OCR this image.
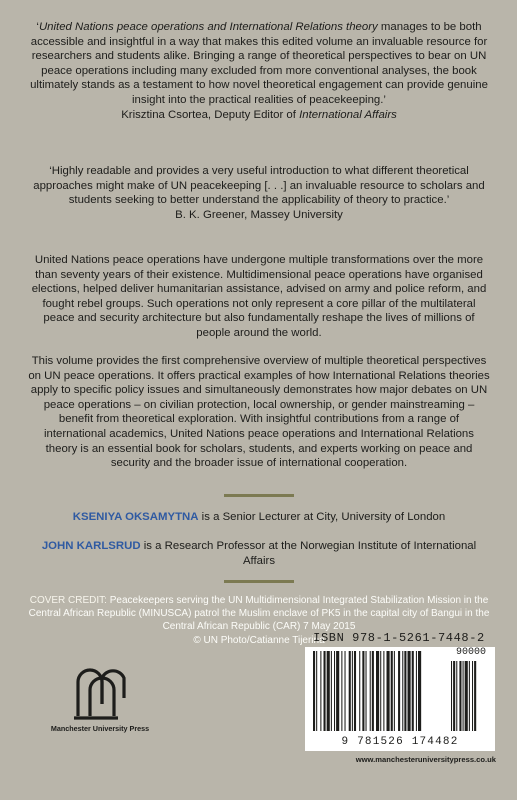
‘United Nations peace operations and International Relations theory manages to be both accessible and insightful in a way that makes this edited volume an invaluable resource for researchers and students alike. Bringing a range of theoretical perspectives to bear on UN peace operations including many excluded from more conventional analyses, the book ultimately stands as a testament to how novel theoretical engagement can provide genuine insight into the practical realities of peacekeeping.’
Krisztina Csortea, Deputy Editor of International Affairs
‘Highly readable and provides a very useful introduction to what different theoretical approaches might make of UN peacekeeping [. . .] an invaluable resource to scholars and students seeking to better understand the applicability of theory to practice.’
B. K. Greener, Massey University
United Nations peace operations have undergone multiple transformations over the more than seventy years of their existence. Multidimensional peace operations have organised elections, helped deliver humanitarian assistance, advised on army and police reform, and fought rebel groups. Such operations not only represent a core pillar of the multilateral peace and security architecture but also fundamentally reshape the lives of millions of people around the world.
This volume provides the first comprehensive overview of multiple theoretical perspectives on UN peace operations. It offers practical examples of how International Relations theories apply to specific policy issues and simultaneously demonstrates how major debates on UN peace operations – on civilian protection, local ownership, or gender mainstreaming – benefit from theoretical exploration. With insightful contributions from a range of international academics, United Nations peace operations and International Relations theory is an essential book for scholars, students, and experts working on peace and security and the broader issue of international cooperation.
KSENIYA OKSAMYTNA is a Senior Lecturer at City, University of London
JOHN KARLSRUD is a Research Professor at the Norwegian Institute of International Affairs
COVER CREDIT: Peacekeepers serving the UN Multidimensional Integrated Stabilization Mission in the Central African Republic (MINUSCA) patrol the Muslim enclave of PK5 in the capital city of Bangui in the Central African Republic (CAR) 7 May 2015
© UN Photo/Catianne Tijerina
Manchester University Press
ISBN 978-1-5261-7448-2
90000
9 781526 174482
www.manchesteruniversitypress.co.uk
